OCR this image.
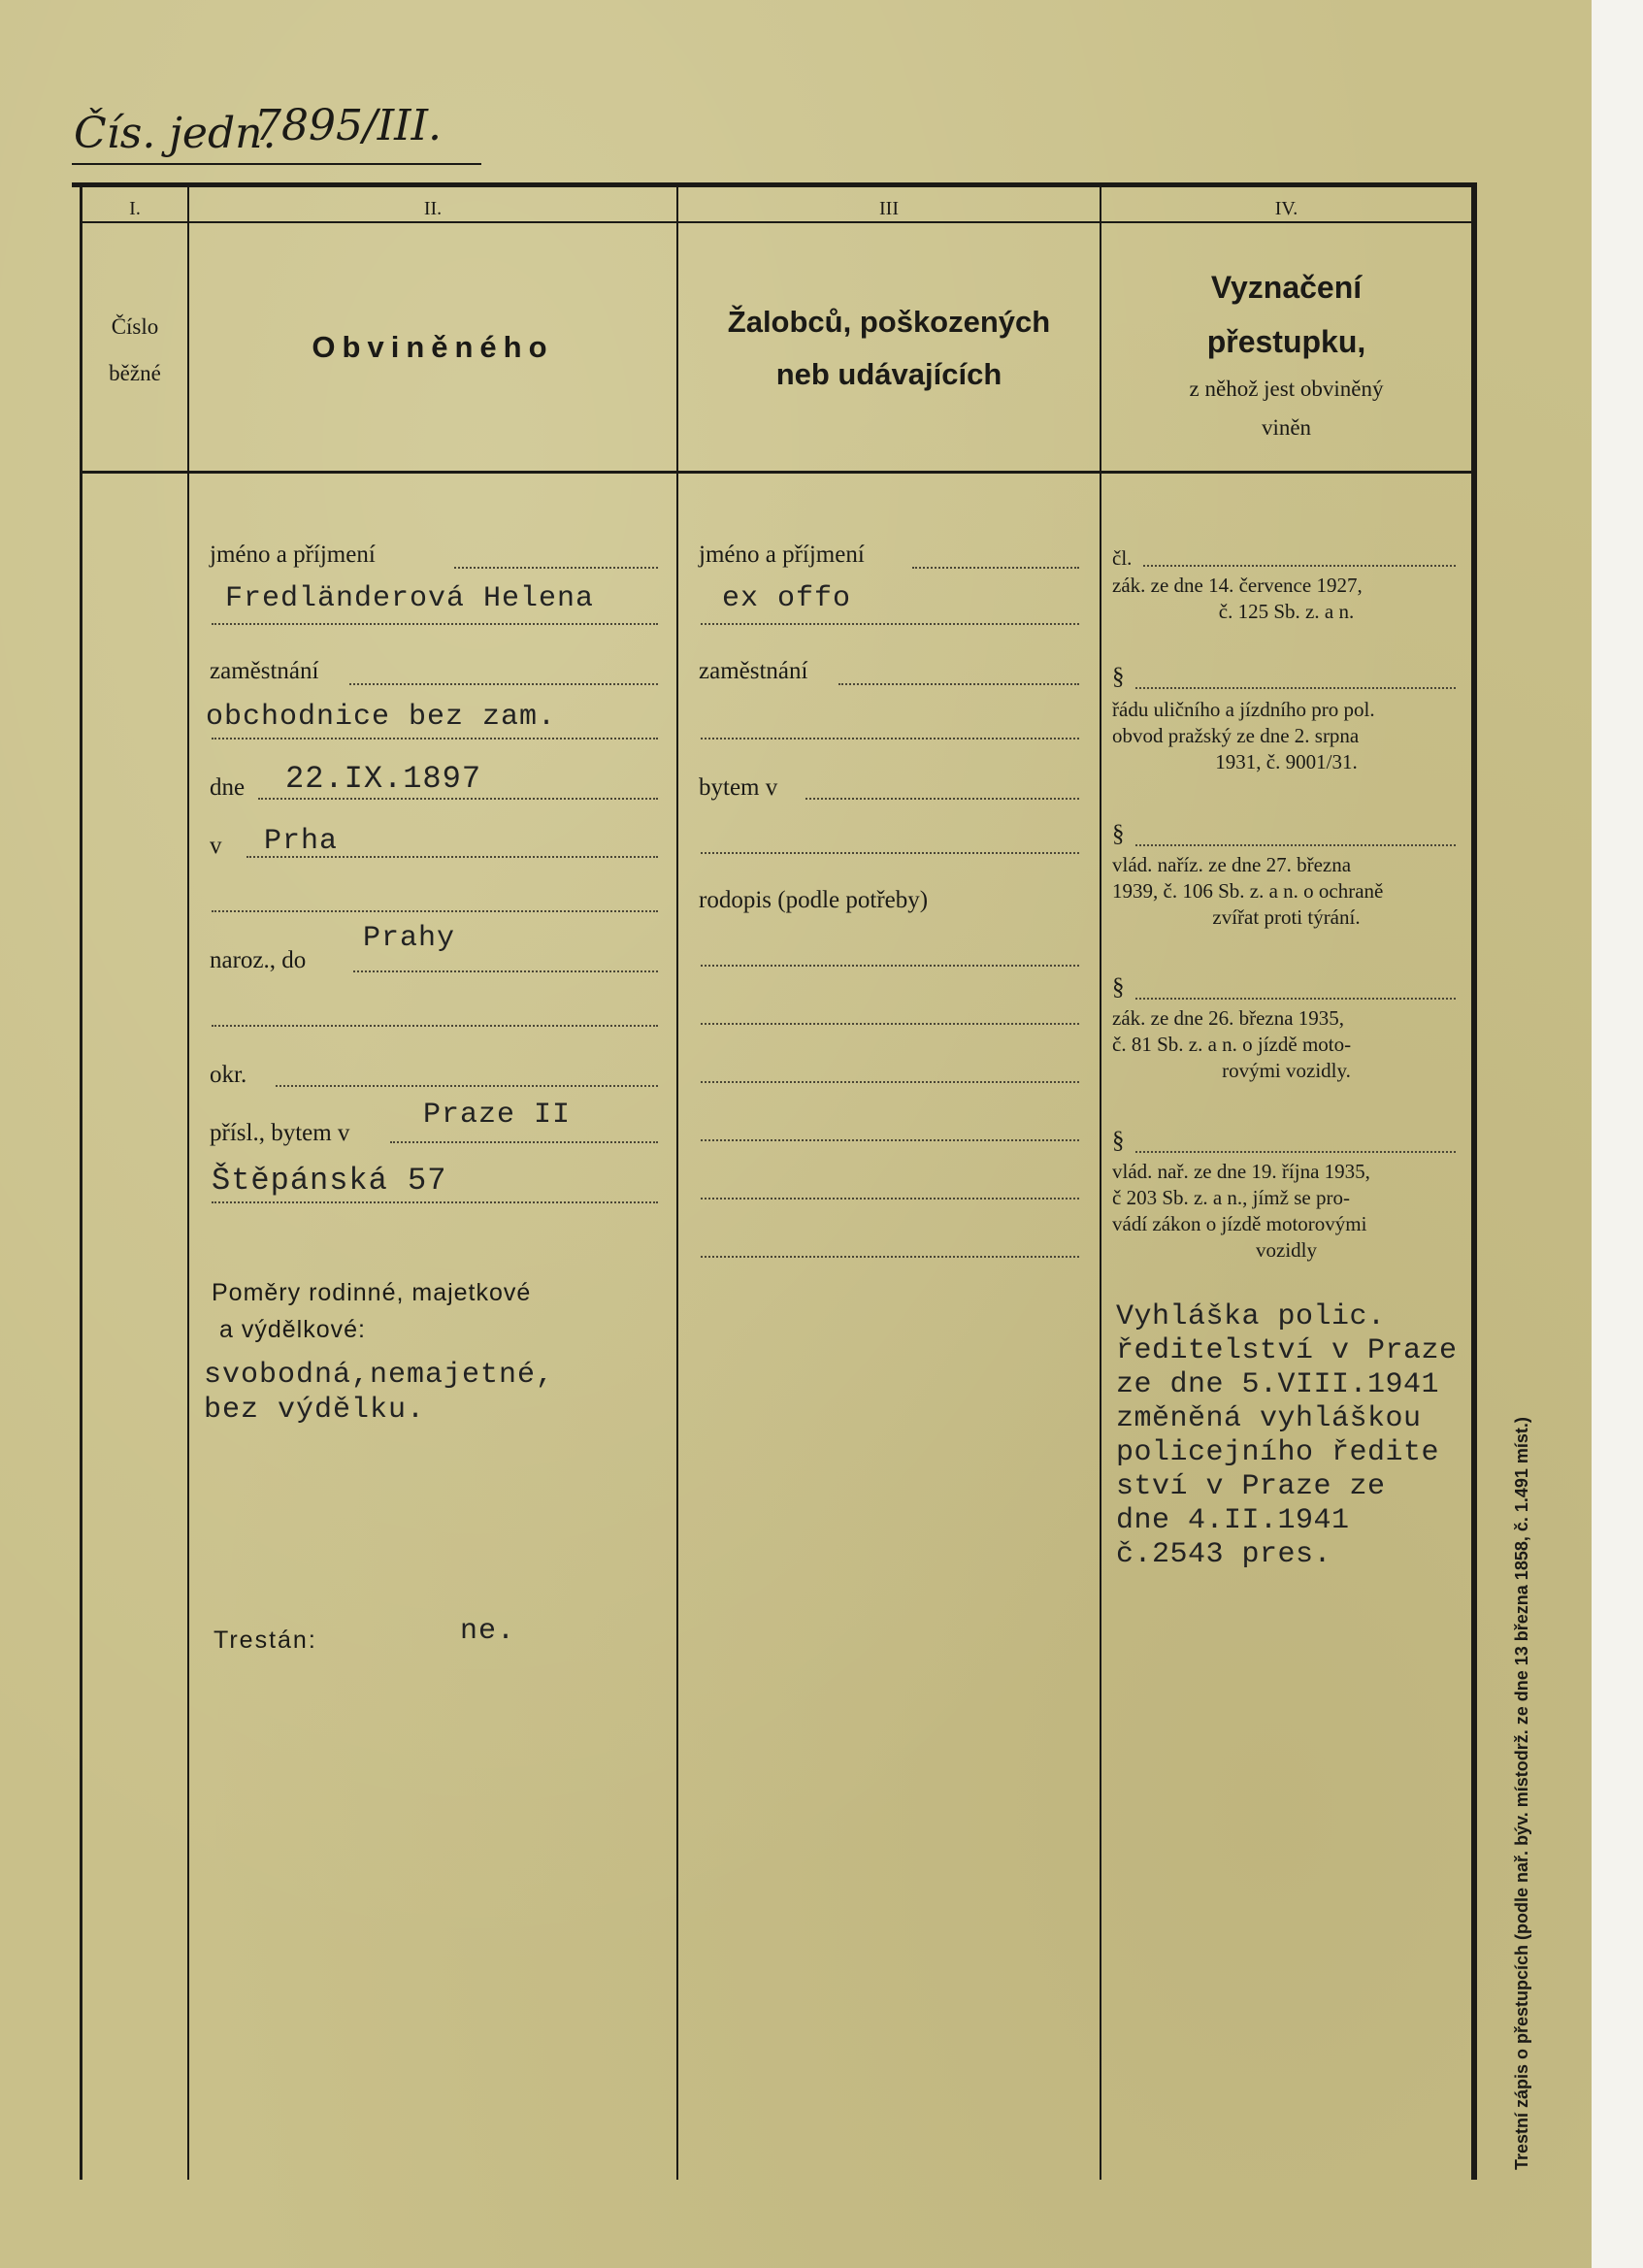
Čís. jedn.
7895/III.
I.	II.	III	IV.
Číslo
běžné
Obviněného
Žalobců, poškozených
neb udávajících
Vyznačení
přestupku,
z něhož jest obviněný
viněn
jméno a příjmení
Fredländerová Helena
zaměstnání
obchodnice bez zam.
dne 22.IX.1897
v Prha
naroz., do
Prahy
okr.
přísl., bytem v
Praze II
Štěpánská 57
Poměry rodinné, majetkové
a výdělkové:
svobodná,nemajetné,
bez výdělku.
Trestán:	ne.
jméno a příjmení
ex offo
zaměstnání
bytem v
rodopis (podle potřeby)
čl.
zák. ze dne 14. července 1927,
č. 125 Sb. z. a n.
§
řádu uličního a jízdního pro pol.
obvod pražský ze dne 2. srpna
1931, č. 9001/31.
§
vlád. naříz. ze dne 27. března
1939, č. 106 Sb. z. a n. o ochraně
zvířat proti týrání.
§
zák. ze dne 26. března 1935,
č. 81 Sb. z. a n. o jízdě moto-
rovými vozidly.
§
vlád. nař. ze dne 19. října 1935,
č 203 Sb. z. a n., jímž se pro-
vádí zákon o jízdě motorovými
vozidly
Vyhláška polic.
ředitelství v Praze
ze dne 5.VIII.1941
změněná vyhláškou
policejního ředite
ství v Praze ze
dne 4.II.1941
č.2543 pres.	Trestní zápis o přestupcích (podle nař. býv. místodrž. ze dne 13 března 1858, č. 1.491 míst.)
